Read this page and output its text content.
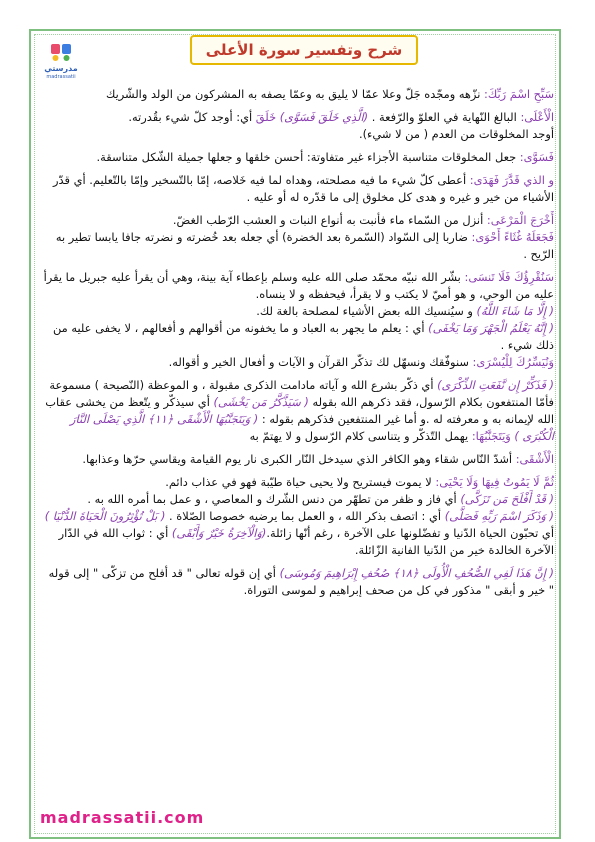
مدرستي
madrassatii
شرح وتفسير سورة الأعلى

سَبِّحِ اسْمَ رَبِّكَ: نزّهه ومجّده جَلّ وعلا عمّا لا يليق به وعمّا يصفه به المشركون من الولد والشّريك

الْأَعْلَى: البالغ النّهاية في العلوّ والرّفعة . (الَّذِي خَلَقَ فَسَوَّى) خَلَقَ أي: أوجد كلّ شيء بقُدرته.
أوجد المخلوقات من العدم ( من لا شيء).

فَسَوَّى: جعل المخلوقات متناسبة الأجزاء غير متفاوتة: أحسن خلقها و جعلها جميلة الشّكل متناسقة.

و الذي قَدَّرَ فَهَدَى: أعطى كلّ شيء ما فيه مصلحته، وهداه لما فيه خَلاصه، إمّا بالتّسخير وإمّا بالتّعليم. أي قدّر الأشياء من خير و غيره و هدى كل مخلوق إلى ما قدّره له أو عليه .

أَخْرَجَ الْمَرْعَى: أنزل من السّماء ماء فأنبت به أنواع النبات و العشب الرّطب الغضّ.
فَجَعَلَهُ غُثَاءً أَحْوَى: ضاربا إلى السّواد (السّمرة بعد الخضرة) أي جعله بعد خُضرته و نضرته جافا يابسا تطير به الرّيح .

سَنُقْرِؤُكَ فَلَا تَنسَى: بشّر الله نبيّه محمّد صلى الله عليه وسلم بإعطاء آية بينة، وهي أن يقرأ عليه جبريل ما يقرأ عليه من الوحي، و هو أميّ لا يكتب و لا يقرأ، فيحفظه و لا ينساه.
( إِلَّا مَا شَاءَ اللَّهُ) و سيُنسيك الله بعض الأشياء لمصلحة بالغة لك.
( إِنَّهُ يَعْلَمُ الْجَهْرَ وَمَا يَخْفَى) أي : يعلم ما يجهر به العباد و ما يخفونه من أقوالهم و أفعالهم ، لا يخفى عليه من ذلك شيء .
وَنُيَسِّرُكَ لِلْيُسْرَى: سنوفّقك ونسهّل لك تذكّر القرآن و الآيات و أفعال الخير و أقواله.

( فَذَكِّرْ إِن نَّفَعَتِ الذِّكْرَى) أي ذكّر بشرع الله و آياته مادامت الذكرى مقبولة ، و الموعظة (النّصيحة ) مسموعة فأمّا المنتفعون بكلام الرّسول، فقد ذكرهم الله بقوله ( سَيَذَّكَّرُ مَن يَخْشَى) أي سيذكّر و يتّعظ من يخشى عقاب الله لإيمانه به و معرفته له .و أما غير المنتفعين فذكرهم بقوله : ( وَيَتَجَنَّبُهَا الْأَشْقَى ﴿١١﴾ الَّذِي يَصْلَى النَّارَ الْكُبْرَى ) وَيَتَجَنَّبُهَا: يهمل التّذكّر و يتناسى كلام الرّسول و لا يهتمّ به

الْأَشْقَى: أشدّ النّاس شقاء وهو الكافر الذي سيدخل النّار الكبرى نار يوم القيامة ويقاسي حرّها وعذابها.

ثُمَّ لَا يَمُوتُ فِيهَا وَلَا يَحْيَى: لا يموت فيستريح ولا يحيى حياة طيّبة فهو في عذاب دائم.
( قَدْ أَفْلَحَ مَن تَزَكَّى) أي فاز و ظفر من تطهّر من دنس الشّرك و المعاصي ، و عمل بما أمره الله به .
( وَذَكَرَ اسْمَ رَبِّهِ فَصَلَّى) أي : اتصف بذكر الله ، و العمل بما يرضيه خصوصا الصّلاة . ( بَلْ تُؤْثِرُونَ الْحَيَاةَ الدُّنْيَا ) أي تحبّون الحياة الدّنيا و تفضّلونها على الآخرة ، رغم أنّها زائلة.(وَالْآخِرَةُ خَيْرٌ وَأَبْقَى) أي : ثواب الله في الدّار الآخرة الخالدة خير من الدّنيا الفانية الزّائلة.

( إِنَّ هَذَا لَفِي الصُّحُفِ الْأُولَى ﴿١٨﴾ صُحُفِ إِبْرَاهِيمَ وَمُوسَى) أي إن قوله تعالى " قد أفلح من تزكّى " إلى قوله " خير و أبقى " مذكور في كل من صحف إبراهيم و لموسى التوراة.

madrassatii.com
